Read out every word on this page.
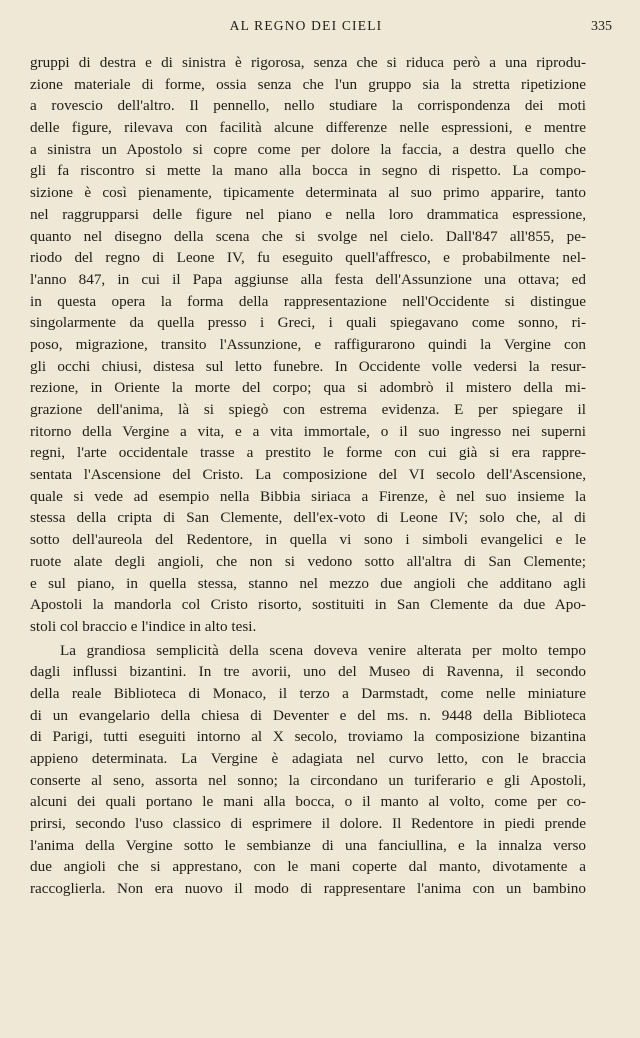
AL REGNO DEI CIELI	335
gruppi di destra e di sinistra è rigorosa, senza che si riduca però a una riprodu-
zione materiale di forme, ossia senza che l'un gruppo sia la stretta ripetizione
a rovescio dell'altro. Il pennello, nello studiare la corrispondenza dei moti
delle figure, rilevava con facilità alcune differenze nelle espressioni, e mentre
a sinistra un Apostolo si copre come per dolore la faccia, a destra quello che
gli fa riscontro si mette la mano alla bocca in segno di rispetto. La compo-
sizione è così pienamente, tipicamente determinata al suo primo apparire, tanto
nel raggrupparsi delle figure nel piano e nella loro drammatica espressione,
quanto nel disegno della scena che si svolge nel cielo. Dall'847 all'855, pe-
riodo del regno di Leone IV, fu eseguito quell'affresco, e probabilmente nel-
l'anno 847, in cui il Papa aggiunse alla festa dell'Assunzione una ottava; ed
in questa opera la forma della rappresentazione nell'Occidente si distingue
singolarmente da quella presso i Greci, i quali spiegavano come sonno, ri-
poso, migrazione, transito l'Assunzione, e raffigurarono quindi la Vergine con
gli occhi chiusi, distesa sul letto funebre. In Occidente volle vedersi la resur-
rezione, in Oriente la morte del corpo; qua si adombrò il mistero della mi-
grazione dell'anima, là si spiegò con estrema evidenza. E per spiegare il
ritorno della Vergine a vita, e a vita immortale, o il suo ingresso nei superni
regni, l'arte occidentale trasse a prestito le forme con cui già si era rappre-
sentata l'Ascensione del Cristo. La composizione del VI secolo dell'Ascensione,
quale si vede ad esempio nella Bibbia siriaca a Firenze, è nel suo insieme la
stessa della cripta di San Clemente, dell'ex-voto di Leone IV; solo che, al di
sotto dell'aureola del Redentore, in quella vi sono i simboli evangelici e le
ruote alate degli angioli, che non si vedono sotto all'altra di San Clemente;
e sul piano, in quella stessa, stanno nel mezzo due angioli che additano agli
Apostoli la mandorla col Cristo risorto, sostituiti in San Clemente da due Apo-
stoli col braccio e l'indice in alto tesi.
La grandiosa semplicità della scena doveva venire alterata per molto tempo
dagli influssi bizantini. In tre avorii, uno del Museo di Ravenna, il secondo
della reale Biblioteca di Monaco, il terzo a Darmstadt, come nelle miniature
di un evangelario della chiesa di Deventer e del ms. n. 9448 della Biblioteca
di Parigi, tutti eseguiti intorno al X secolo, troviamo la composizione bizantina
appieno determinata. La Vergine è adagiata nel curvo letto, con le braccia
conserte al seno, assorta nel sonno; la circondano un turiferario e gli Apostoli,
alcuni dei quali portano le mani alla bocca, o il manto al volto, come per co-
prirsi, secondo l'uso classico di esprimere il dolore. Il Redentore in piedi prende
l'anima della Vergine sotto le sembianze di una fanciullina, e la innalza verso
due angioli che si apprestano, con le mani coperte dal manto, divotamente a
raccoglierla. Non era nuovo il modo di rappresentare l'anima con un bambino
